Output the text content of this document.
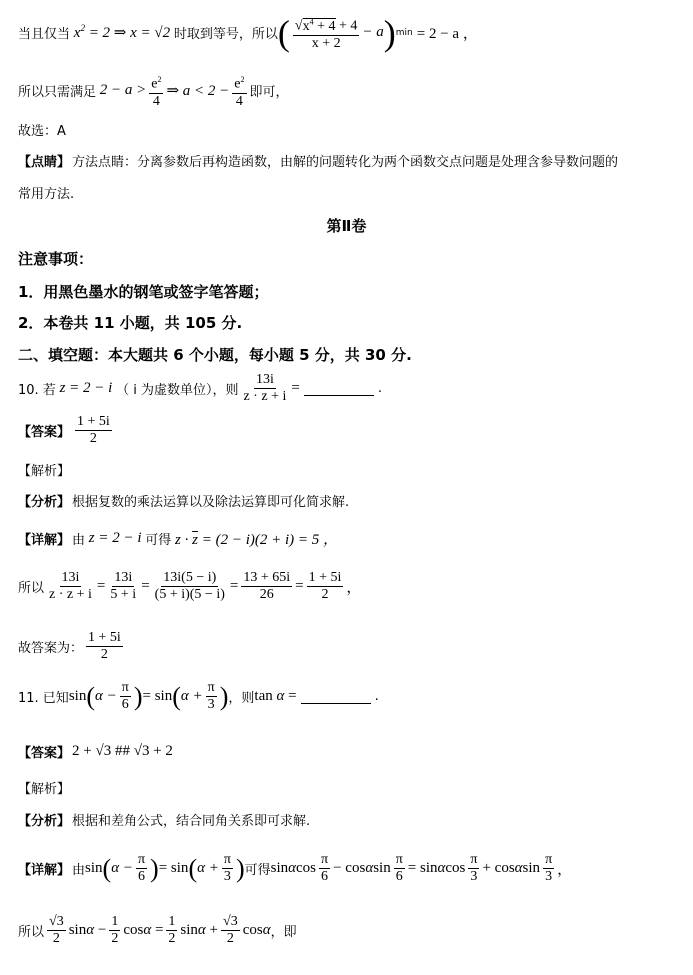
当且仅当 $x^2 = 2$ ⇒ x = √2 时取到等号，所以 ( $\frac{√x^4 + 4 + 4}{x + 2} - a$ ) min = 2 − a ，
所以只需满足 $2 - a > \frac{e^2}{4}$ ⇒ $a < 2 - \frac{e^2}{4}$ 即可，
故选：A
【点睛】 方法点睛：分离参数后再构造函数，由解的问题转化为两个函数交点问题是处理含参导数问题的
常用方法.
第Ⅱ卷
注意事项：
1．用黑色墨水的钢笔或签字笔答题；
2．本卷共 11 小题，共 105 分.
二、填空题：本大题共 6 个小题，每小题 5 分，共 30 分.
10. 若 z = 2 − i （ i 为虚数单位），则 $\frac{13i}{z \cdot \overline{z} + i}$ =	.
【答案】 $\frac{1 + 5i}{2}$
【解析】
【分析】 根据复数的乘法运算以及除法运算即可化简求解.
【详解】 由 z = 2 − i 可得 $z \cdot \overline{z} = (2 - i)(2 + i) = 5$ ，
所以 $\frac{13i}{z \cdot \overline{z} + i} = \frac{13i}{5 + i} = \frac{13i(5 - i)}{(5 + i)(5 - i)} = \frac{13 + 65i}{26} = \frac{1 + 5i}{2}$ ，
故答案为： $\frac{1 + 5i}{2}$
11. 已知 sin ( $\alpha - \frac{\pi}{6}$ ) = sin ( $\alpha + \frac{\pi}{3}$ ) ，则 tan α =	.
【答案】 2 + √3 ## √3 + 2
【解析】
【分析】 根据和差角公式，结合同角关系即可求解.
【详解】 由 sin ( $\alpha - \frac{\pi}{6}$ ) = sin ( $\alpha + \frac{\pi}{3}$ ) 可得 sinαcos $\frac{\pi}{6} - \cos\alpha\sin \frac{\pi}{6} = \sin\alpha\cos \frac{\pi}{3} + \cos\alpha\sin \frac{\pi}{3}$ ，
所以 $\frac{√3}{2}$ $\sin\alpha - \frac{1}{2}$ $\cos\alpha = \frac{1}{2}$ $\sin\alpha + \frac{√3}{2}$ cosα ，即
